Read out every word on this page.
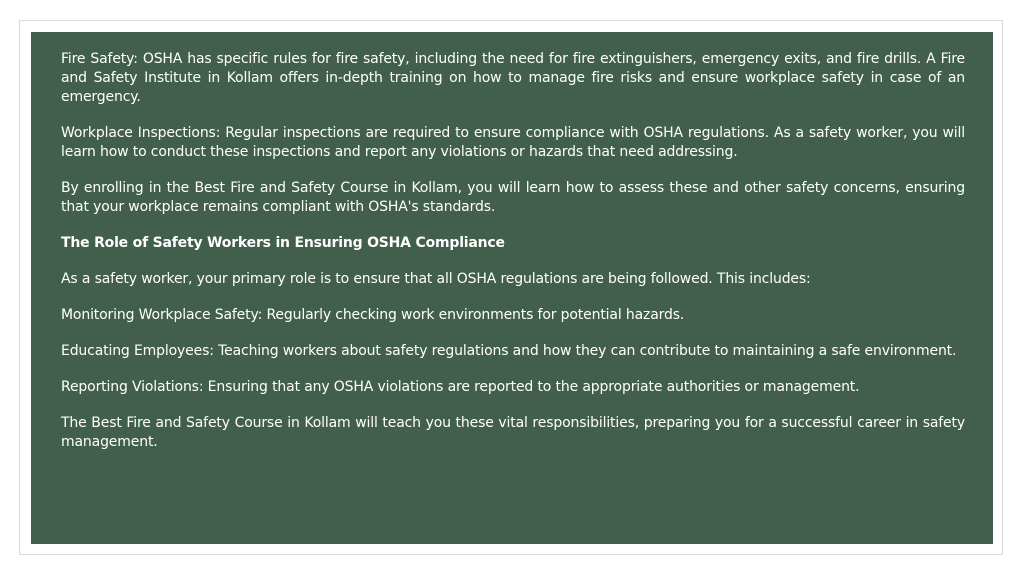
Fire Safety: OSHA has specific rules for fire safety, including the need for fire extinguishers, emergency exits, and fire drills. A Fire and Safety Institute in Kollam offers in-depth training on how to manage fire risks and ensure workplace safety in case of an emergency.

Workplace Inspections: Regular inspections are required to ensure compliance with OSHA regulations. As a safety worker, you will learn how to conduct these inspections and report any violations or hazards that need addressing.

By enrolling in the Best Fire and Safety Course in Kollam, you will learn how to assess these and other safety concerns, ensuring that your workplace remains compliant with OSHA's standards.

The Role of Safety Workers in Ensuring OSHA Compliance

As a safety worker, your primary role is to ensure that all OSHA regulations are being followed. This includes:

Monitoring Workplace Safety: Regularly checking work environments for potential hazards.

Educating Employees: Teaching workers about safety regulations and how they can contribute to maintaining a safe environment.

Reporting Violations: Ensuring that any OSHA violations are reported to the appropriate authorities or management.

The Best Fire and Safety Course in Kollam will teach you these vital responsibilities, preparing you for a successful career in safety management.
